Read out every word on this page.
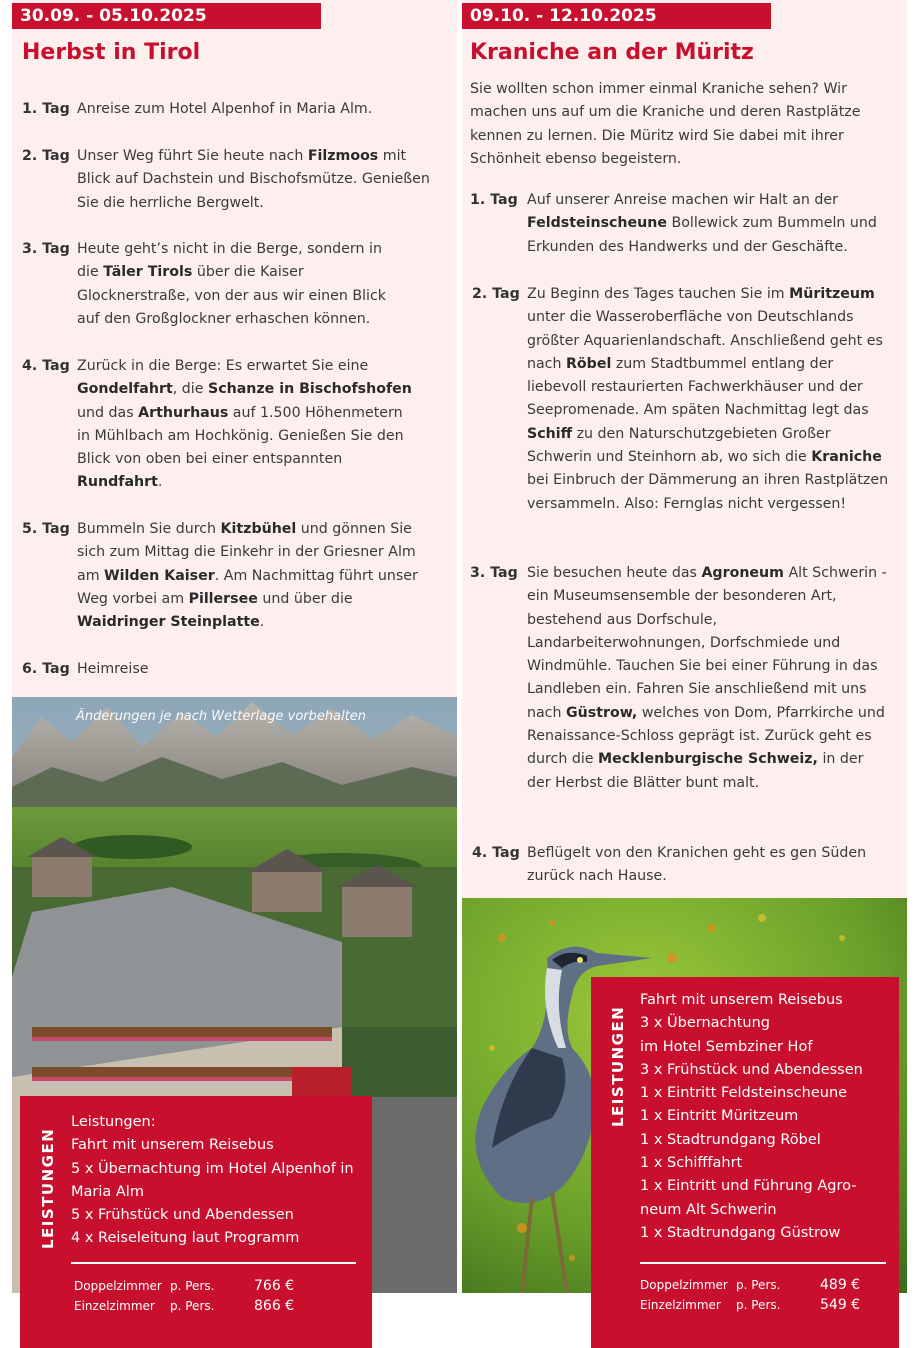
30.09. - 05.10.2025
Herbst in Tirol
1. Tag Anreise zum Hotel Alpenhof in Maria Alm.
2. Tag Unser Weg führt Sie heute nach Filzmoos mit Blick auf Dachstein und Bischofsmütze. Genießen Sie die herrliche Bergwelt.
3. Tag Heute geht’s nicht in die Berge, sondern in die Täler Tirols über die Kaiser Glocknerstraße, von der aus wir einen Blick auf den Großglockner erhaschen können.
4. Tag Zurück in die Berge: Es erwartet Sie eine Gondelfahrt, die Schanze in Bischofshofen und das Arthurhaus auf 1.500 Höhenmetern in Mühlbach am Hochkönig. Genießen Sie den Blick von oben bei einer entspannten Rundfahrt.
5. Tag Bummeln Sie durch Kitzbühel und gönnen Sie sich zum Mittag die Einkehr in der Griesner Alm am Wilden Kaiser. Am Nachmittag führt unser Weg vorbei am Pillersee und über die Waidringer Steinplatte.
6. Tag Heimreise
Änderungen je nach Wetterlage vorbehalten
09.10. - 12.10.2025
Kraniche an der Müritz
Sie wollten schon immer einmal Kraniche sehen? Wir machen uns auf um die Kraniche und deren Rastplätze kennen zu lernen. Die Müritz wird Sie dabei mit ihrer Schönheit ebenso begeistern.
1. Tag Auf unserer Anreise machen wir Halt an der Feldsteinscheune Bollewick zum Bummeln und Erkunden des Handwerks und der Geschäfte.
2. Tag Zu Beginn des Tages tauchen Sie im Müritzeum unter die Wasseroberfläche von Deutschlands größter Aquarienlandschaft. Anschließend geht es nach Röbel zum Stadtbummel entlang der liebevoll restaurierten Fachwerkhäuser und der Seepromenade. Am späten Nachmittag legt das Schiff zu den Naturschutzgebieten Großer Schwerin und Steinhorn ab, wo sich die Kraniche bei Einbruch der Dämmerung an ihren Rastplätzen versammeln. Also: Fernglas nicht vergessen!
3. Tag Sie besuchen heute das Agroneum Alt Schwerin - ein Museumsensemble der besonderen Art, bestehend aus Dorfschule, Landarbeiterwohnungen, Dorfschmiede und Windmühle. Tauchen Sie bei einer Führung in das Landleben ein. Fahren Sie anschließend mit uns nach Güstrow, welches von Dom, Pfarrkirche und Renaissance-Schloss geprägt ist. Zurück geht es durch die Mecklenburgische Schweiz, in der der Herbst die Blätter bunt malt.
4. Tag Beflügelt von den Kranichen geht es gen Süden zurück nach Hause.
LEISTUNGEN
Leistungen:
Fahrt mit unserem Reisebus
5 x Übernachtung im Hotel Alpenhof in Maria Alm
5 x Frühstück und Abendessen
4 x Reiseleitung laut Programm
Doppelzimmer p. Pers.	766 €
Einzelzimmer p. Pers.	866 €
LEISTUNGEN
Fahrt mit unserem Reisebus
3 x Übernachtung
im Hotel Sembziner Hof
3 x Frühstück und Abendessen
1 x Eintritt Feldsteinscheune
1 x Eintritt Müritzeum
1 x Stadtrundgang Röbel
1 x Schifffahrt
1 x Eintritt und Führung Agro-
neum Alt Schwerin
1 x Stadtrundgang Güstrow
Doppelzimmer p. Pers.	489 €
Einzelzimmer p. Pers.	549 €
